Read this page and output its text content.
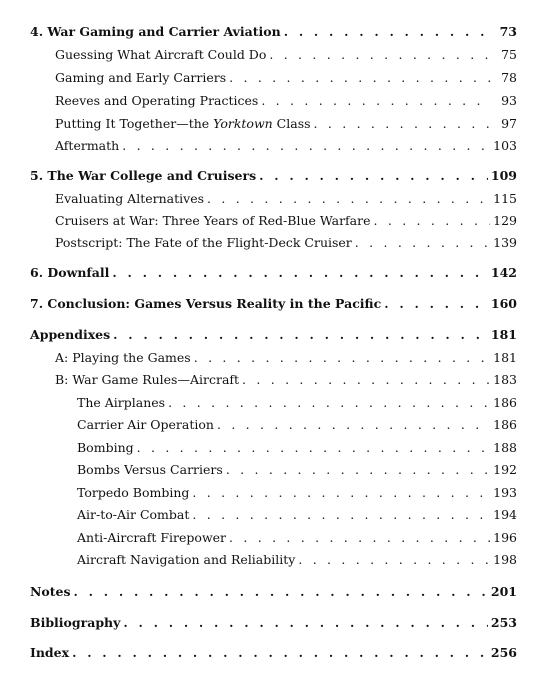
4. War Gaming and Carrier Aviation . . .	73
Guessing What Aircraft Could Do . . .	75
Gaming and Early Carriers . . .	78
Reeves and Operating Practices . . .	93
Putting It Together—the Yorktown Class . . .	97
Aftermath . . .	103
5. The War College and Cruisers . . .	109
Evaluating Alternatives . . .	115
Cruisers at War: Three Years of Red-Blue Warfare . . .	129
Postscript: The Fate of the Flight-Deck Cruiser . . .	139
6. Downfall . . .	142
7. Conclusion: Games Versus Reality in the Pacific . . .	160
Appendixes . . .	181
A: Playing the Games . . .	181
B: War Game Rules—Aircraft . . .	183
The Airplanes . . .	186
Carrier Air Operation . . .	186
Bombing . . .	188
Bombs Versus Carriers . . .	192
Torpedo Bombing . . .	193
Air-to-Air Combat . . .	194
Anti-Aircraft Firepower . . .	196
Aircraft Navigation and Reliability . . .	198
Notes . . .	201
Bibliography . . .	253
Index . . .	256
